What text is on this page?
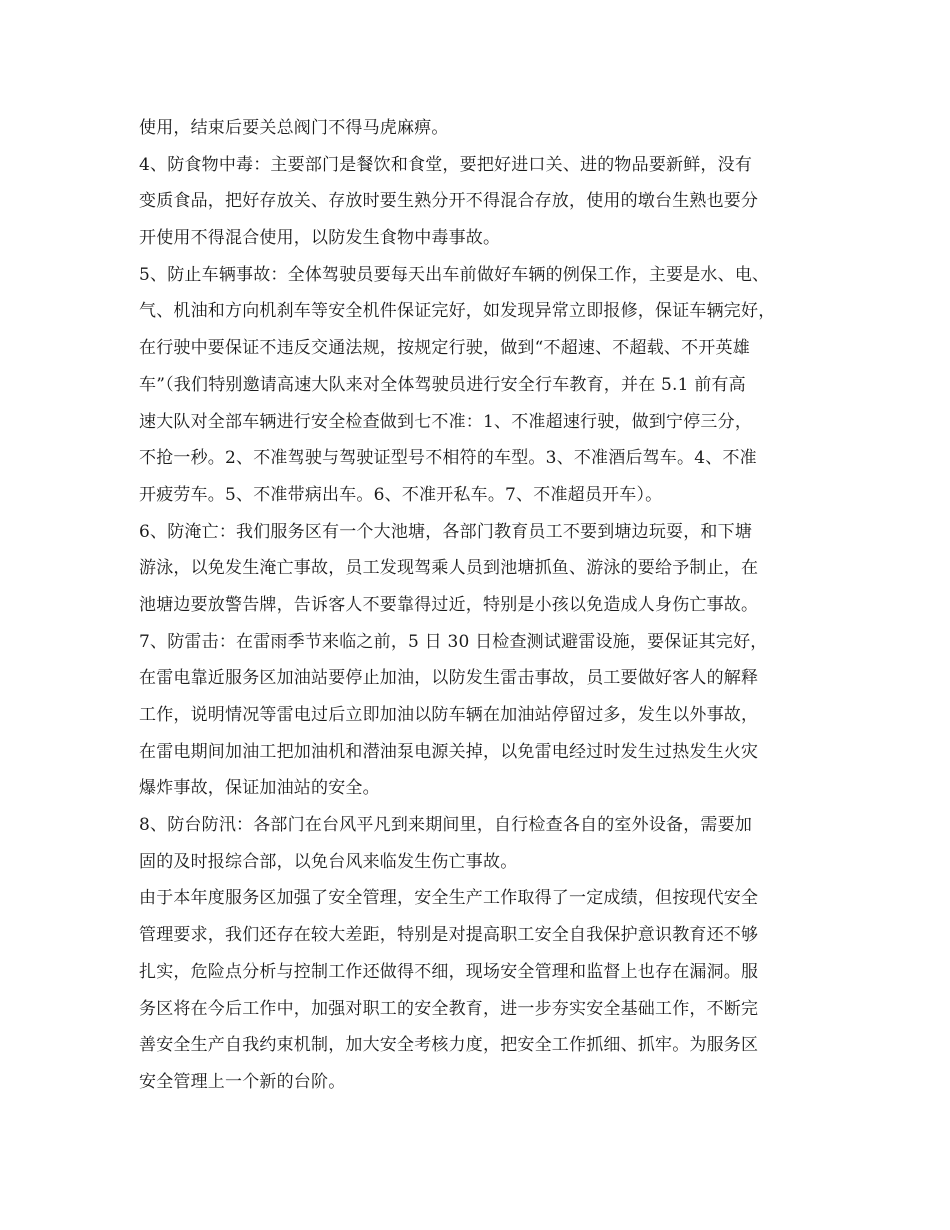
使用，结束后要关总阀门不得马虎麻痹。
4、防食物中毒：主要部门是餐饮和食堂，要把好进口关、进的物品要新鲜，没有
变质食品，把好存放关、存放时要生熟分开不得混合存放，使用的墩台生熟也要分
开使用不得混合使用，以防发生食物中毒事故。
5、防止车辆事故：全体驾驶员要每天出车前做好车辆的例保工作，主要是水、电、
气、机油和方向机刹车等安全机件保证完好，如发现异常立即报修，保证车辆完好，
在行驶中要保证不违反交通法规，按规定行驶，做到“不超速、不超载、不开英雄
车”（我们特别邀请高速大队来对全体驾驶员进行安全行车教育，并在 5.1 前有高
速大队对全部车辆进行安全检查做到七不准：1、不准超速行驶，做到宁停三分，
不抢一秒。2、不准驾驶与驾驶证型号不相符的车型。3、不准酒后驾车。4、不准
开疲劳车。5、不准带病出车。6、不准开私车。7、不准超员开车）。
6、防淹亡：我们服务区有一个大池塘，各部门教育员工不要到塘边玩耍，和下塘
游泳，以免发生淹亡事故，员工发现驾乘人员到池塘抓鱼、游泳的要给予制止，在
池塘边要放警告牌，告诉客人不要靠得过近，特别是小孩以免造成人身伤亡事故。
7、防雷击：在雷雨季节来临之前，5 日 30 日检查测试避雷设施，要保证其完好，
在雷电靠近服务区加油站要停止加油，以防发生雷击事故，员工要做好客人的解释
工作，说明情况等雷电过后立即加油以防车辆在加油站停留过多，发生以外事故，
在雷电期间加油工把加油机和潜油泵电源关掉，以免雷电经过时发生过热发生火灾
爆炸事故，保证加油站的安全。
8、防台防汛：各部门在台风平凡到来期间里，自行检查各自的室外设备，需要加
固的及时报综合部，以免台风来临发生伤亡事故。
由于本年度服务区加强了安全管理，安全生产工作取得了一定成绩，但按现代安全
管理要求，我们还存在较大差距，特别是对提高职工安全自我保护意识教育还不够
扎实，危险点分析与控制工作还做得不细，现场安全管理和监督上也存在漏洞。服
务区将在今后工作中，加强对职工的安全教育，进一步夯实安全基础工作，不断完
善安全生产自我约束机制，加大安全考核力度，把安全工作抓细、抓牢。为服务区
安全管理上一个新的台阶。
